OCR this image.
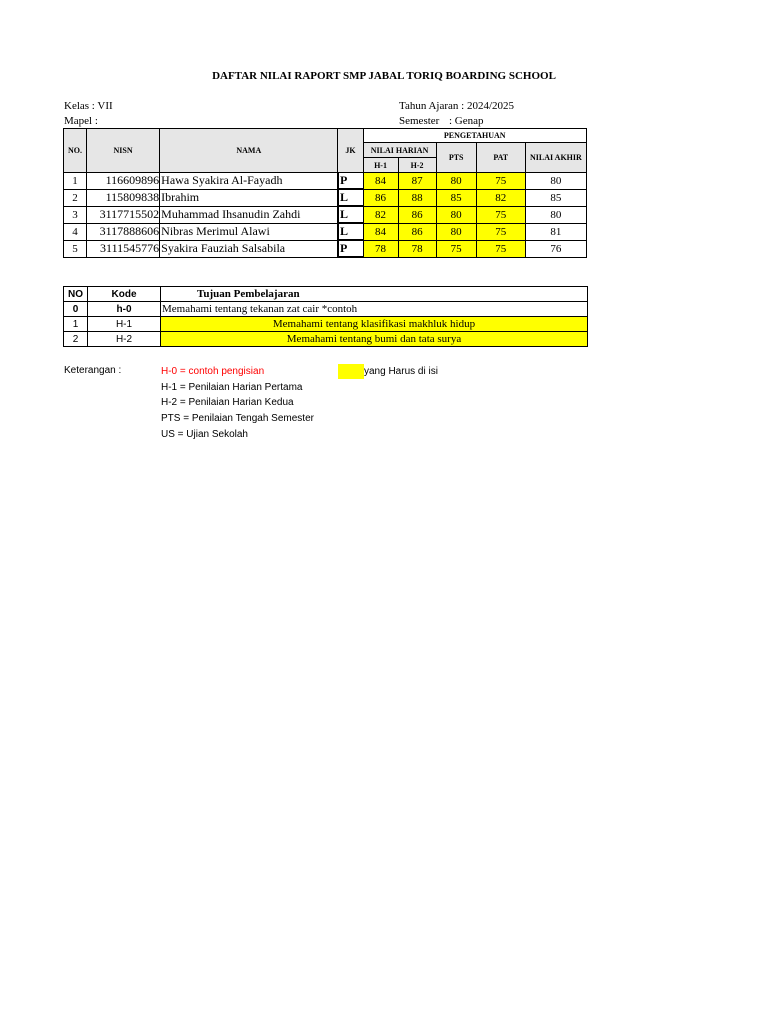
DAFTAR NILAI RAPORT SMP JABAL TORIQ BOARDING SCHOOL
Kelas : VII
Mapel :
Tahun Ajaran : 2024/2025
Semester : Genap
NO.	NISN	NAMA	JK	PENGETAHUAN				
				NILAI HARIAN		PTS	PAT	NILAI AKHIR
				H-1	H-2			
1	116609896	Hawa Syakira Al-Fayadh	P	84	87	80	75	80
2	115809838	Ibrahim	L	86	88	85	82	85
3	3117715502	Muhammad Ihsanudin Zahdi	L	82	86	80	75	80
4	3117888606	Nibras Merimul Alawi	L	84	86	80	75	81
5	3111545776	Syakira Fauziah Salsabila	P	78	78	75	75	76
NO	Kode	Tujuan Pembelajaran
0	h-0	Memahami tentang tekanan zat cair *contoh
1	H-1	Memahami tentang klasifikasi makhluk hidup
2	H-2	Memahami tentang bumi dan tata surya
Keterangan :	H-0 = contoh pengisian
H-1 = Penilaian Harian Pertama
H-2 = Penilaian Harian Kedua
PTS = Penilaian Tengah Semester
US = Ujian Sekolah
yang Harus di isi
